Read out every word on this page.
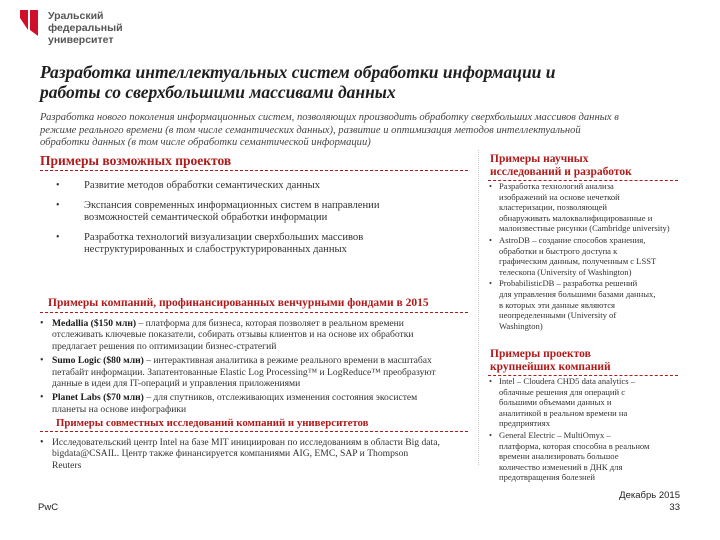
Уральский
федеральный
университет
Разработка интеллектуальных систем обработки информации и
работы со сверхбольшими массивами данных
Разработка нового поколения информационных систем, позволяющих производить обработку сверхбольших массивов данных в
режиме реального времени (в том числе семантических данных), развитие и оптимизация методов интеллектуальной
обработки данных (в том числе обработки семантической информации)
Примеры возможных проектов
• Развитие методов обработки семантических данных
• Экспансия современных информационных систем в направлении
возможностей семантической обработки информации
• Разработка технологий визуализации сверхбольших массивов
неструктурированных и слабоструктурированных данных
Примеры компаний, профинансированных венчурными фондами в 2015
• Medallia ($150 млн) – платформа для бизнеса, которая позволяет в реальном времени
отслеживать ключевые показатели, собирать отзывы клиентов и на основе их обработки
предлагает решения по оптимизации бизнес-стратегий
• Sumo Logic ($80 млн) – интерактивная аналитика в режиме реального времени в масштабах
петабайт информации. Запатентованные Elastic Log Processing™ и LogReduce™ преобразуют
данные в идеи для IT-операций и управления приложениями
• Planet Labs ($70 млн) – для спутников, отслеживающих изменения состояния экосистем
планеты на основе инфографики
Примеры совместных исследований компаний и университетов
• Исследовательский центр Intel на базе MIT инициирован по исследованиям в области Big data,
bigdata@CSAIL. Центр также финансируется компаниями AIG, EMC, SAP и Thompson
Reuters
Примеры научных
исследований и разработок
• Разработка технологий анализа
изображений на основе нечеткой
кластеризации, позволяющей
обнаруживать малоквалифицированные и
малоизвестные рисунки (Cambridge university)
• AstroDB – создание способов хранения,
обработки и быстрого доступа к
графическим данным, полученным с LSST
телескопа (University of Washington)
• ProbabilisticDB – разработка решений
для управления большими базами данных,
в которых эти данные являются
неопределенными (University of
Washington)
Примеры проектов
крупнейших компаний
• Intel – Cloudera CHD5 data analytics –
облачные решения для операций с
большими объемами данных и
аналитикой в реальном времени на
предприятиях
• General Electric – MultiOmyx –
платформа, которая способна в реальном
времени анализировать большое
количество изменений в ДНК для
предотвращения болезней
PwC
Декабрь 2015
33
